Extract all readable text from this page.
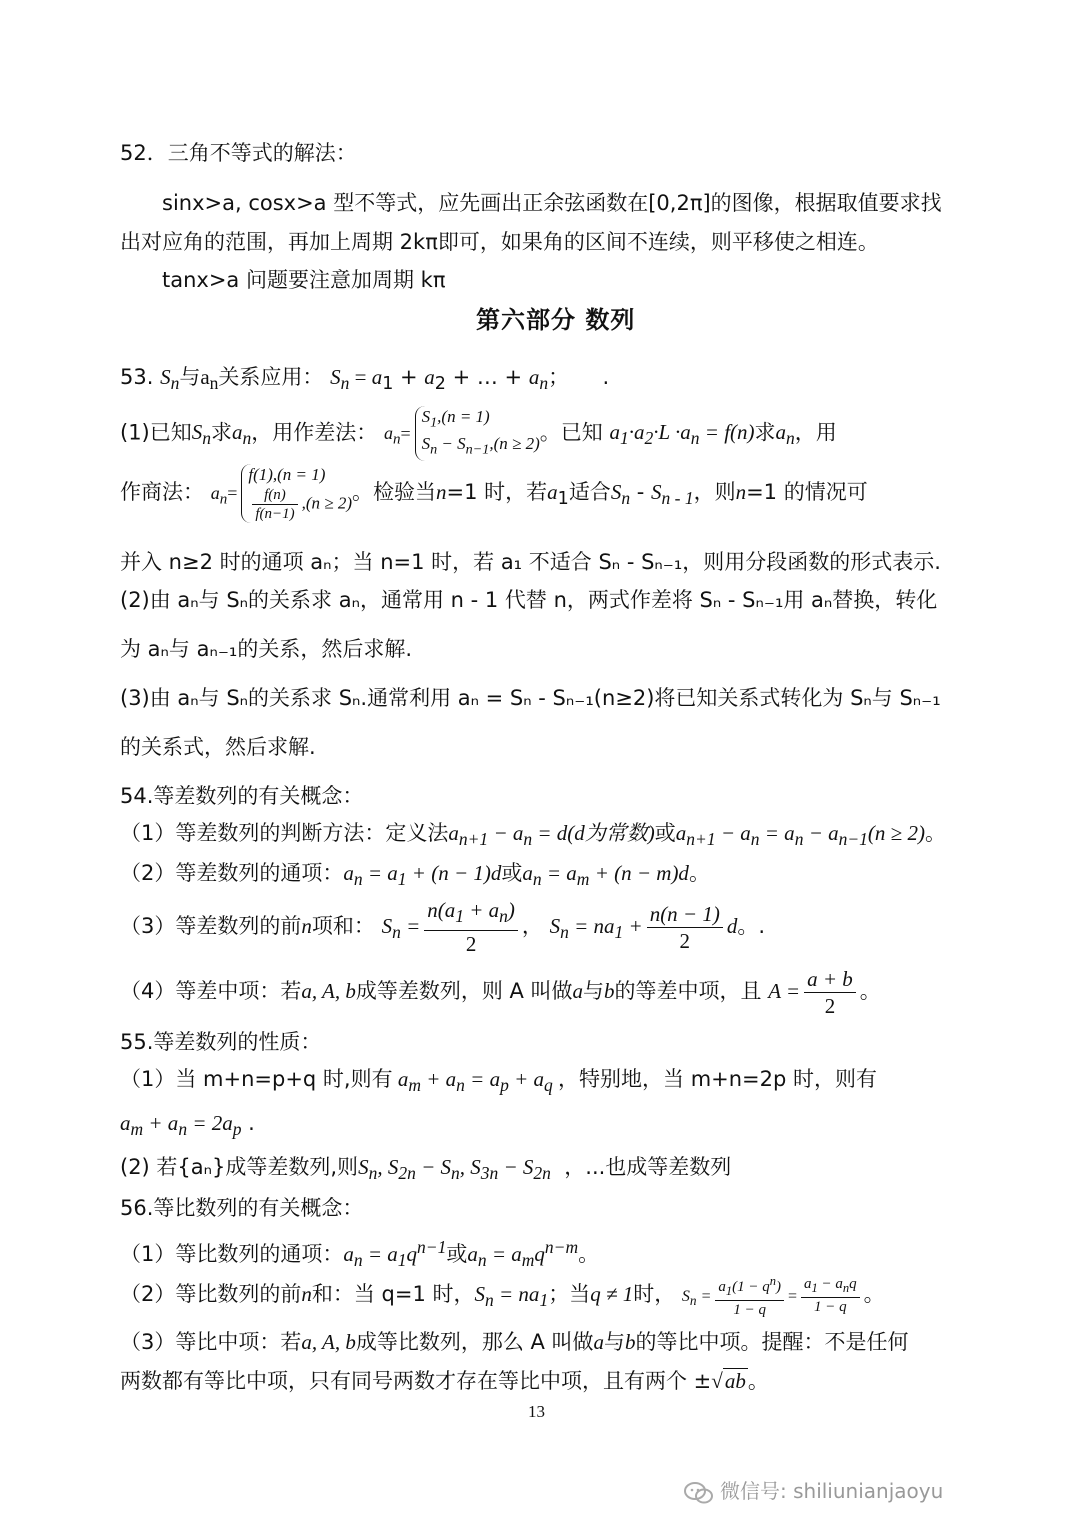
52．三角不等式的解法：
sinx>a, cosx>a 型不等式，应先画出正余弦函数在[0,2π]的图像，根据取值要求找
出对应角的范围，再加上周期 2kπ即可，如果角的区间不连续，则平移使之相连。
tanx>a 问题要注意加周期 kπ
第六部分 数列
53. $S_n$与$a_n$关系应用： $S_n = a_1 + a_2$ + … + $a_n$；     .
(1)已知$S_n$求$a_n$，用作差法： $a_n=$
$S_1,(n = 1)$
$S_n - S_{n-1},(n \ge 2)$ 。已知 $a_1\cdot a_2\cdot L \cdot a_n = f(n)$求$a_n$，用
作商法： $a_n=$
f(1),(n = 1)
$\frac{f(n)}{f(n-1)} ,(n \ge 2)$ 。检验当n=1 时，若$a_1$适合$S_n - S_{n - 1}$，则n=1 的情况可
并入 n≥2 时的通项 aₙ；当 n=1 时，若 a₁ 不适合 Sₙ - Sₙ₋₁，则用分段函数的形式表示.
(2)由 aₙ与 Sₙ的关系求 aₙ，通常用 n - 1 代替 n，两式作差将 Sₙ - Sₙ₋₁用 aₙ替换，转化
为 aₙ与 aₙ₋₁的关系，然后求解.
(3)由 aₙ与 Sₙ的关系求 Sₙ.通常利用 aₙ = Sₙ - Sₙ₋₁(n≥2)将已知关系式转化为 Sₙ与 Sₙ₋₁
的关系式，然后求解.
54.等差数列的有关概念：
（1）等差数列的判断方法：定义法$a_{n+1} - a_n = d(d$为常数)或$a_{n+1} - a_n = a_n - a_{n-1}(n \ge 2)$。
（2）等差数列的通项：$a_n = a_1 + (n - 1)d$或$a_n = a_m + (n - m)d$。
（3）等差数列的前n项和： $S_n = \frac{n(a_1 + a_n)}{2}$ ， $S_n = na_1 + \frac{n(n - 1)}{2}$ d。.
（4）等差中项：若a, A, b成等差数列，则 A 叫做a与b的等差中项，且 $A = \frac{a + b}{2}$ 。
55.等差数列的性质：
（1）当 m+n=p+q 时,则有 $a_m + a_n = a_p + a_q$ ，特别地，当 m+n=2p 时，则有
$a_m + a_n = 2a_p$ .
(2) 若{aₙ}成等差数列,则$S_n$, $S_{2n} - S_n$, $S_{3n} - S_{2n}$ ，...也成等差数列
56.等比数列的有关概念：
（1）等比数列的通项：$a_n = a_1q^{n-1}$或$a_n = a_mq^{n-m}$。
（2）等比数列的前n和：当 q=1 时，$S_n = na_1$；当q ≠ 1时， $S_n = \frac{a_1(1 - q^n)}{1 - q} = \frac{a_1 - a_nq}{1 - q}$ 。
（3）等比中项：若a, A, b成等比数列，那么 A 叫做a与b的等比中项。提醒：不是任何
两数都有等比中项，只有同号两数才存在等比中项，且有两个 ±√ab。
13
微信号: shiliunianjaoyu
